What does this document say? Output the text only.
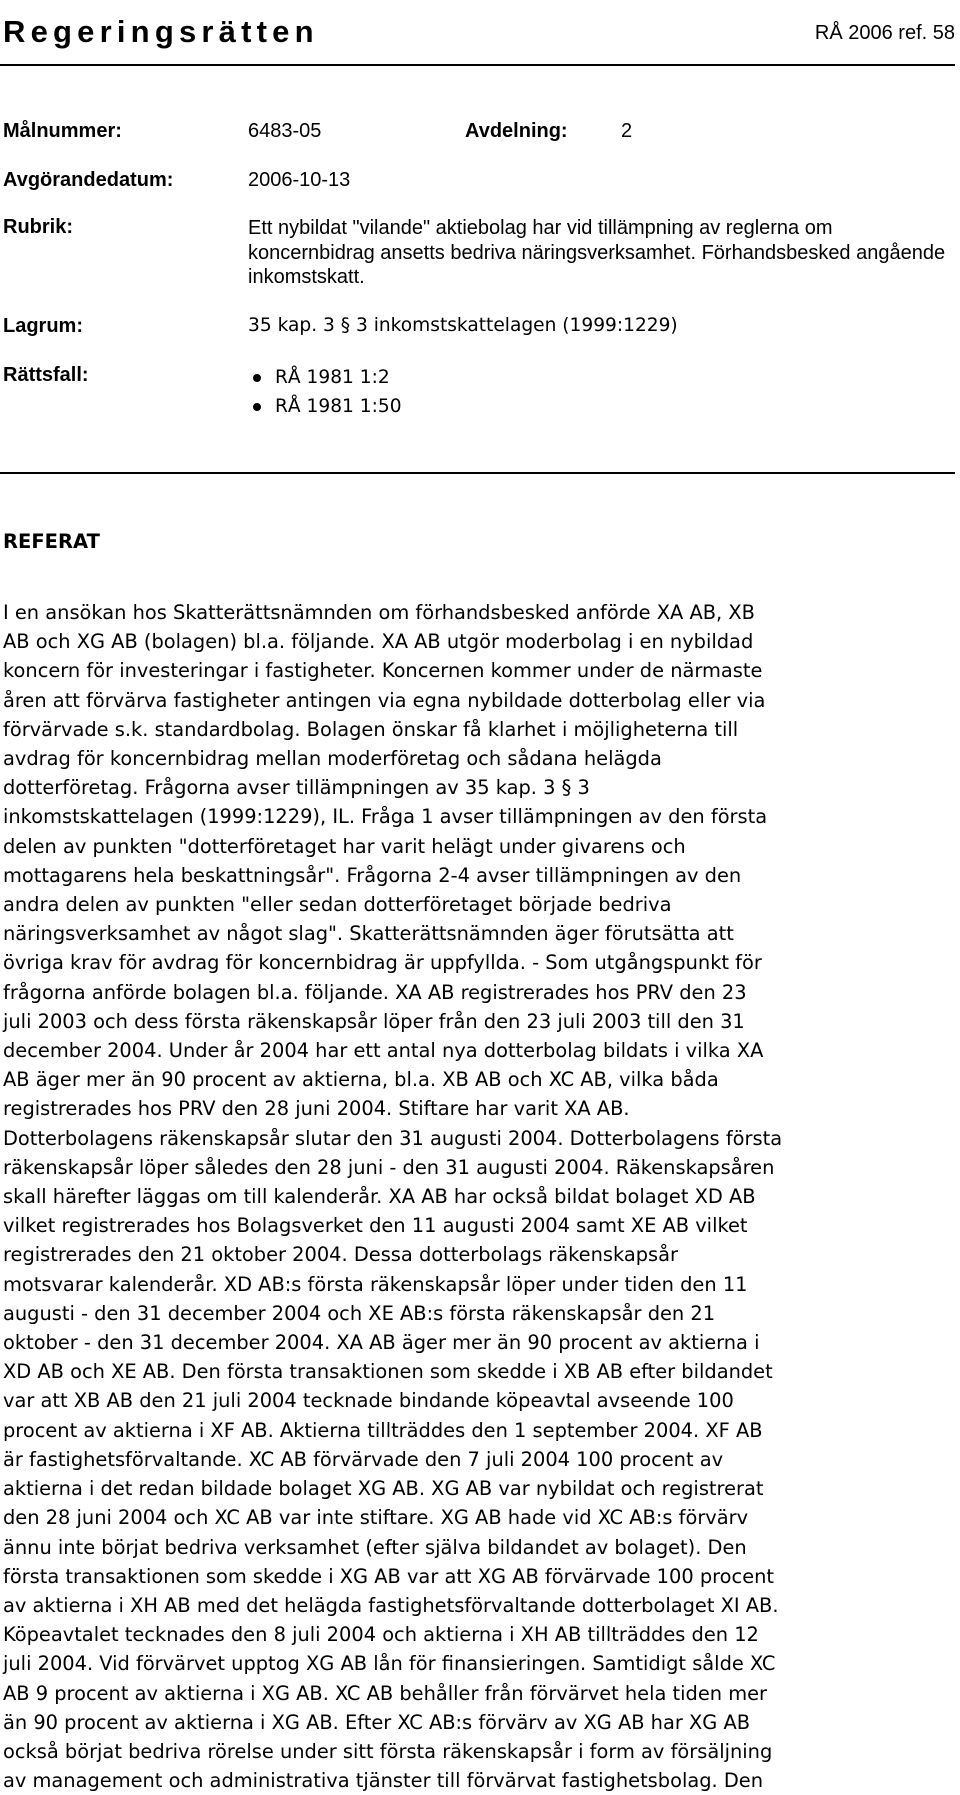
Regeringsrätten	RÅ 2006 ref. 58
Målnummer:	6483-05	Avdelning:	2
Avgörandedatum:	2006-10-13
Rubrik:	Ett nybildat "vilande" aktiebolag har vid tillämpning av reglerna om koncernbidrag ansetts bedriva näringsverksamhet. Förhandsbesked angående inkomstskatt.
Lagrum:	35 kap. 3 § 3 inkomstskattelagen (1999:1229)
Rättsfall:	RÅ 1981 1:2
RÅ 1981 1:50
REFERAT
I en ansökan hos Skatterättsnämnden om förhandsbesked anförde XA AB, XB
AB och XG AB (bolagen) bl.a. följande. XA AB utgör moderbolag i en nybildad
koncern för investeringar i fastigheter. Koncernen kommer under de närmaste
åren att förvärva fastigheter antingen via egna nybildade dotterbolag eller via
förvärvade s.k. standardbolag. Bolagen önskar få klarhet i möjligheterna till
avdrag för koncernbidrag mellan moderföretag och sådana helägda
dotterföretag. Frågorna avser tillämpningen av 35 kap. 3 § 3
inkomstskattelagen (1999:1229), IL. Fråga 1 avser tillämpningen av den första
delen av punkten "dotterföretaget har varit helägt under givarens och
mottagarens hela beskattningsår". Frågorna 2-4 avser tillämpningen av den
andra delen av punkten "eller sedan dotterföretaget började bedriva
näringsverksamhet av något slag". Skatterättsnämnden äger förutsätta att
övriga krav för avdrag för koncernbidrag är uppfyllda. - Som utgångspunkt för
frågorna anförde bolagen bl.a. följande. XA AB registrerades hos PRV den 23
juli 2003 och dess första räkenskapsår löper från den 23 juli 2003 till den 31
december 2004. Under år 2004 har ett antal nya dotterbolag bildats i vilka XA
AB äger mer än 90 procent av aktierna, bl.a. XB AB och XC AB, vilka båda
registrerades hos PRV den 28 juni 2004. Stiftare har varit XA AB.
Dotterbolagens räkenskapsår slutar den 31 augusti 2004. Dotterbolagens första
räkenskapsår löper således den 28 juni - den 31 augusti 2004. Räkenskapsåren
skall härefter läggas om till kalenderår. XA AB har också bildat bolaget XD AB
vilket registrerades hos Bolagsverket den 11 augusti 2004 samt XE AB vilket
registrerades den 21 oktober 2004. Dessa dotterbolags räkenskapsår
motsvarar kalenderår. XD AB:s första räkenskapsår löper under tiden den 11
augusti - den 31 december 2004 och XE AB:s första räkenskapsår den 21
oktober - den 31 december 2004. XA AB äger mer än 90 procent av aktierna i
XD AB och XE AB. Den första transaktionen som skedde i XB AB efter bildandet
var att XB AB den 21 juli 2004 tecknade bindande köpeavtal avseende 100
procent av aktierna i XF AB. Aktierna tillträddes den 1 september 2004. XF AB
är fastighetsförvaltande. XC AB förvärvade den 7 juli 2004 100 procent av
aktierna i det redan bildade bolaget XG AB. XG AB var nybildat och registrerat
den 28 juni 2004 och XC AB var inte stiftare. XG AB hade vid XC AB:s förvärv
ännu inte börjat bedriva verksamhet (efter själva bildandet av bolaget). Den
första transaktionen som skedde i XG AB var att XG AB förvärvade 100 procent
av aktierna i XH AB med det helägda fastighetsförvaltande dotterbolaget XI AB.
Köpeavtalet tecknades den 8 juli 2004 och aktierna i XH AB tillträddes den 12
juli 2004. Vid förvärvet upptog XG AB lån för finansieringen. Samtidigt sålde XC
AB 9 procent av aktierna i XG AB. XC AB behåller från förvärvet hela tiden mer
än 90 procent av aktierna i XG AB. Efter XC AB:s förvärv av XG AB har XG AB
också börjat bedriva rörelse under sitt första räkenskapsår i form av försäljning
av management och administrativa tjänster till förvärvat fastighetsbolag. Den
